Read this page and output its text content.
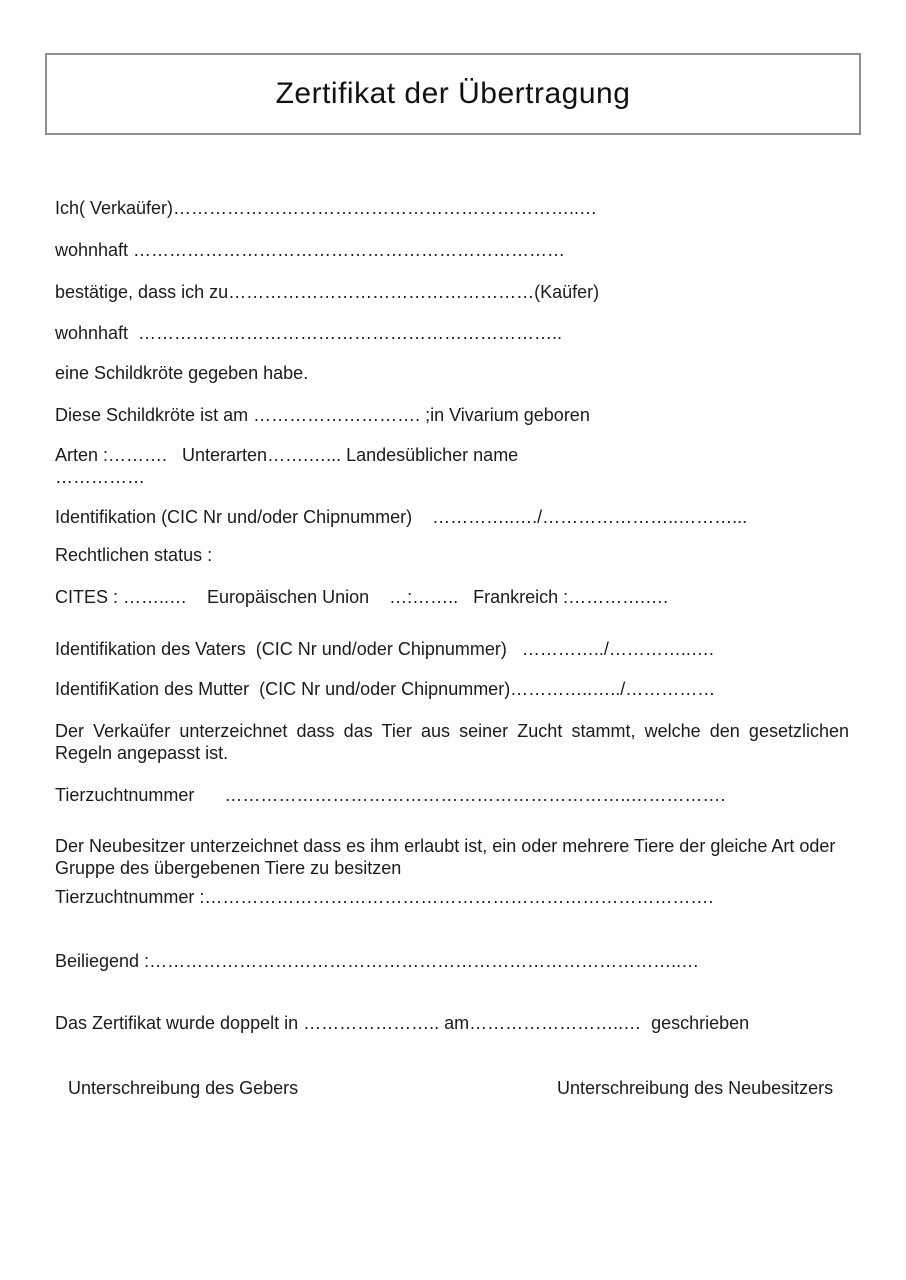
Zertifikat der Übertragung
Ich( Verkaüfer)…………………………………………………………..…
wohnhaft ………………………………………………………………
bestätige, dass ich zu……………………………………………(Kaüfer)
wohnhaft  ……………………………………………………………..
eine Schildkröte gegeben habe.
Diese Schildkröte ist am ………………………. ;in Vivarium geboren
Arten :……….   Unterarten…….…... Landesüblicher name
……………
Identifikation (CIC Nr und/oder Chipnummer)    …………..…./…………………..………...
Rechtlichen status :
CITES : ……..…    Europäischen Union    …:……..   Frankreich :………….….
Identifikation des Vaters  (CIC Nr und/oder Chipnummer)   …………../…………..….
IdentifiKation des Mutter  (CIC Nr und/oder Chipnummer)…………..…../……………
Der Verkaüfer unterzeichnet dass das Tier aus seiner Zucht stammt, welche den gesetzlichen
Regeln angepasst ist.
Tierzuchtnummer      …………………………………………………………..…………….
Der Neubesitzer unterzeichnet dass es ihm erlaubt ist, ein oder mehrere Tiere der gleiche Art oder
Gruppe des übergebenen Tiere zu besitzen
Tierzuchtnummer :………………………………………………………………………….
Beiliegend :……………………………………………………………………………..…
Das Zertifikat wurde doppelt in ………………….. am……………………..…  geschrieben
Unterschreibung des Gebers	Unterschreibung des Neubesitzers
